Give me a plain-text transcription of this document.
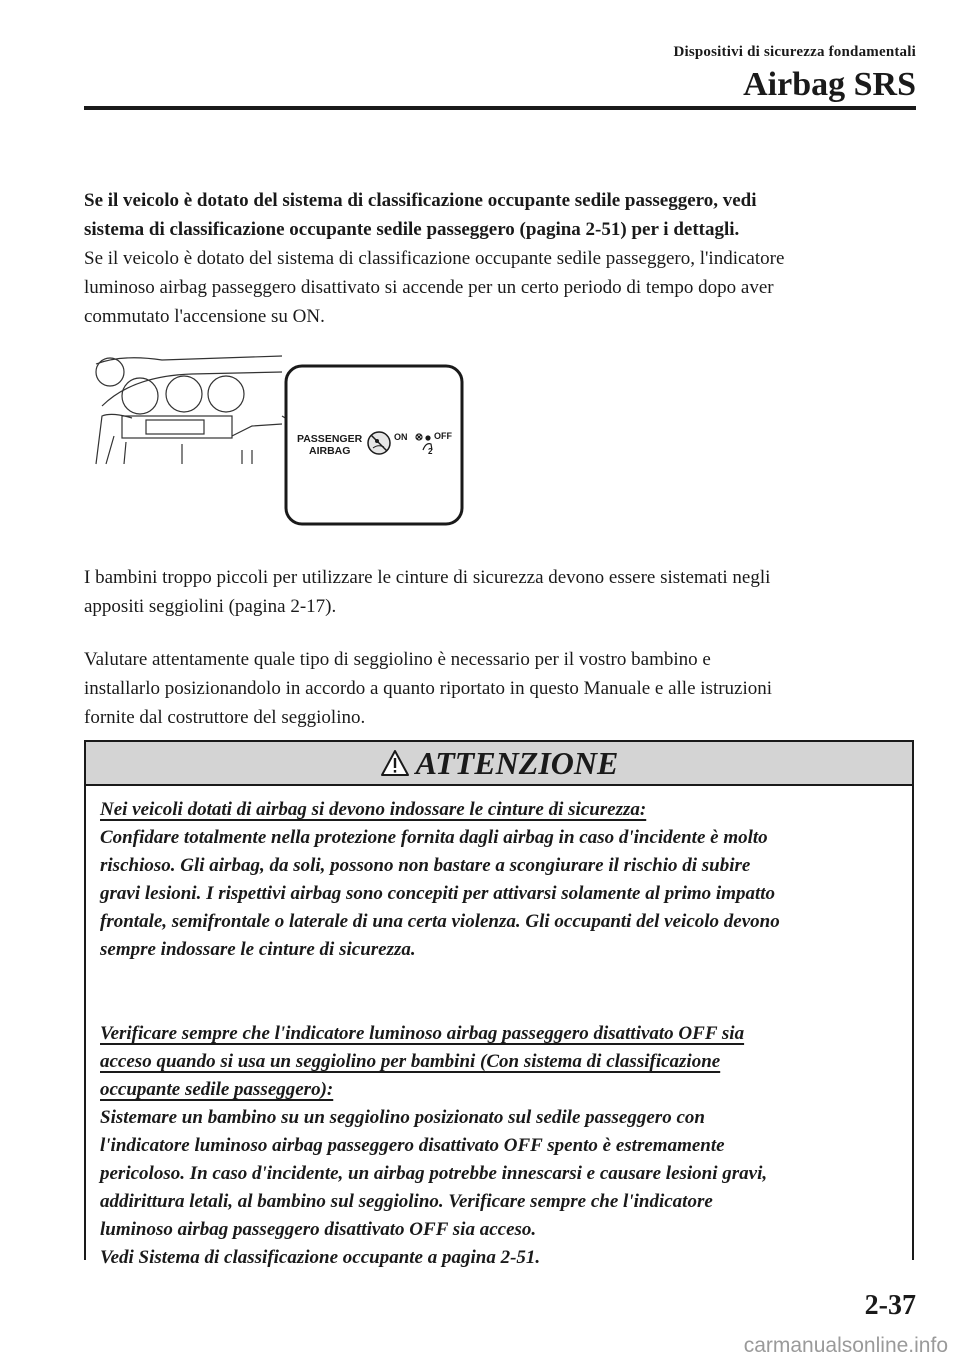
Dispositivi di sicurezza fondamentali
Airbag SRS

Se il veicolo è dotato del sistema di classificazione occupante sedile passeggero, vedi

sistema di classificazione occupante sedile passeggero (pagina 2-51) per i dettagli.

Se il veicolo è dotato del sistema di classificazione occupante sedile passeggero, l'indicatore

luminoso airbag passeggero disattivato si accende per un certo periodo di tempo dopo aver

commutato l'accensione su ON.

PASSENGER
AIRBAG
ON	OFF
2

I bambini troppo piccoli per utilizzare le cinture di sicurezza devono essere sistemati negli

appositi seggiolini (pagina 2-17).

Valutare attentamente quale tipo di seggiolino è necessario per il vostro bambino e

installarlo posizionandolo in accordo a quanto riportato in questo Manuale e alle istruzioni

fornite dal costruttore del seggiolino.

ATTENZIONE

Nei veicoli dotati di airbag si devono indossare le cinture di sicurezza:

Confidare totalmente nella protezione fornita dagli airbag in caso d'incidente è molto

rischioso. Gli airbag, da soli, possono non bastare a scongiurare il rischio di subire

gravi lesioni. I rispettivi airbag sono concepiti per attivarsi solamente al primo impatto

frontale, semifrontale o laterale di una certa violenza. Gli occupanti del veicolo devono

sempre indossare le cinture di sicurezza.

Verificare sempre che l'indicatore luminoso airbag passeggero disattivato OFF sia

acceso quando si usa un seggiolino per bambini (Con sistema di classificazione

occupante sedile passeggero):

Sistemare un bambino su un seggiolino posizionato sul sedile passeggero con

l'indicatore luminoso airbag passeggero disattivato OFF spento è estremamente

pericoloso. In caso d'incidente, un airbag potrebbe innescarsi e causare lesioni gravi,

addirittura letali, al bambino sul seggiolino. Verificare sempre che l'indicatore

luminoso airbag passeggero disattivato OFF sia acceso.

Vedi Sistema di classificazione occupante a pagina 2-51.

2-37
carmanualsonline.info
